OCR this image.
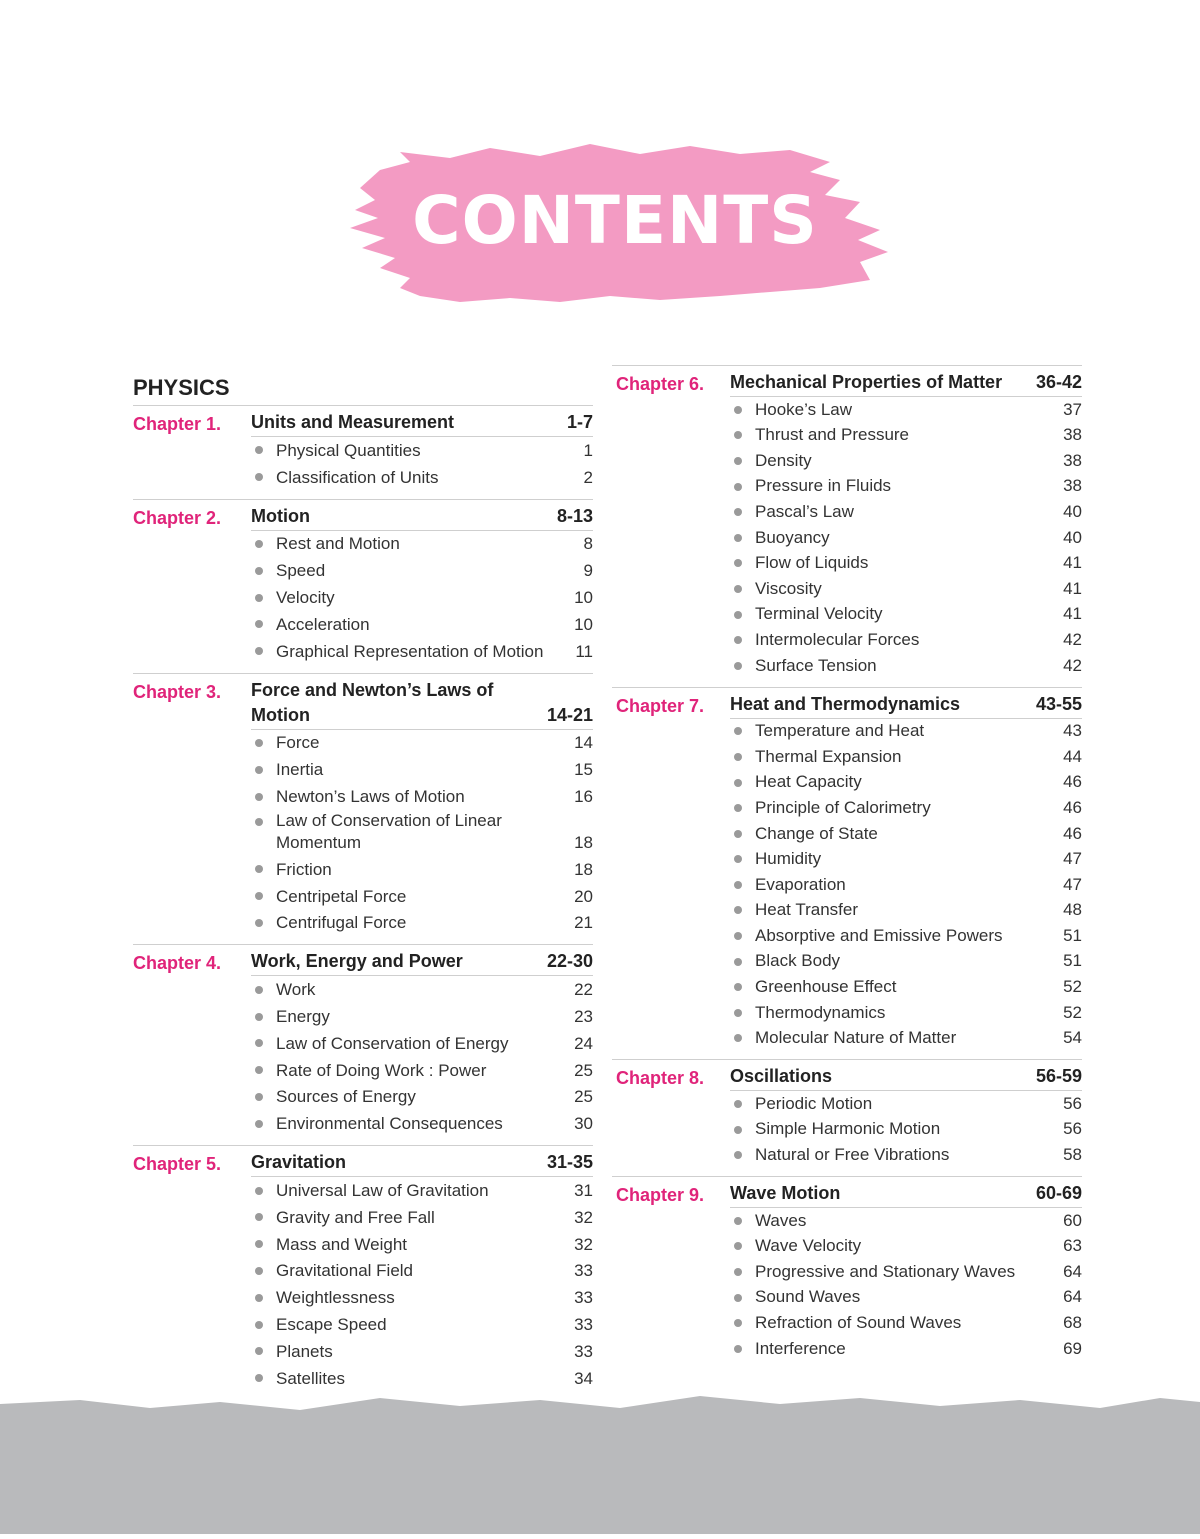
CONTENTS
PHYSICS
Chapter 1.	Units and Measurement	1-7
Physical Quantities	1
Classification of Units	2
Chapter 2.	Motion	8-13
Rest and Motion	8
Speed	9
Velocity	10
Acceleration	10
Graphical Representation of Motion	11
Chapter 3.	Force and Newton’s Laws of Motion	14-21
Force	14
Inertia	15
Newton’s Laws of Motion	16
Law of Conservation of Linear Momentum	18
Friction	18
Centripetal Force	20
Centrifugal Force	21
Chapter 4.	Work, Energy and Power	22-30
Work	22
Energy	23
Law of Conservation of Energy	24
Rate of Doing Work : Power	25
Sources of Energy	25
Environmental Consequences	30
Chapter 5.	Gravitation	31-35
Universal Law of Gravitation	31
Gravity and Free Fall	32
Mass and Weight	32
Gravitational Field	33
Weightlessness	33
Escape Speed	33
Planets	33
Satellites	34
Chapter 6.	Mechanical Properties of Matter	36-42
Hooke’s Law	37
Thrust and Pressure	38
Density	38
Pressure in Fluids	38
Pascal’s Law	40
Buoyancy	40
Flow of Liquids	41
Viscosity	41
Terminal Velocity	41
Intermolecular Forces	42
Surface Tension	42
Chapter 7.	Heat and Thermodynamics	43-55
Temperature and Heat	43
Thermal Expansion	44
Heat Capacity	46
Principle of Calorimetry	46
Change of State	46
Humidity	47
Evaporation	47
Heat Transfer	48
Absorptive and Emissive Powers	51
Black Body	51
Greenhouse Effect	52
Thermodynamics	52
Molecular Nature of Matter	54
Chapter 8.	Oscillations	56-59
Periodic Motion	56
Simple Harmonic Motion	56
Natural or Free Vibrations	58
Chapter 9.	Wave Motion	60-69
Waves	60
Wave Velocity	63
Progressive and Stationary Waves	64
Sound Waves	64
Refraction of Sound Waves	68
Interference	69
